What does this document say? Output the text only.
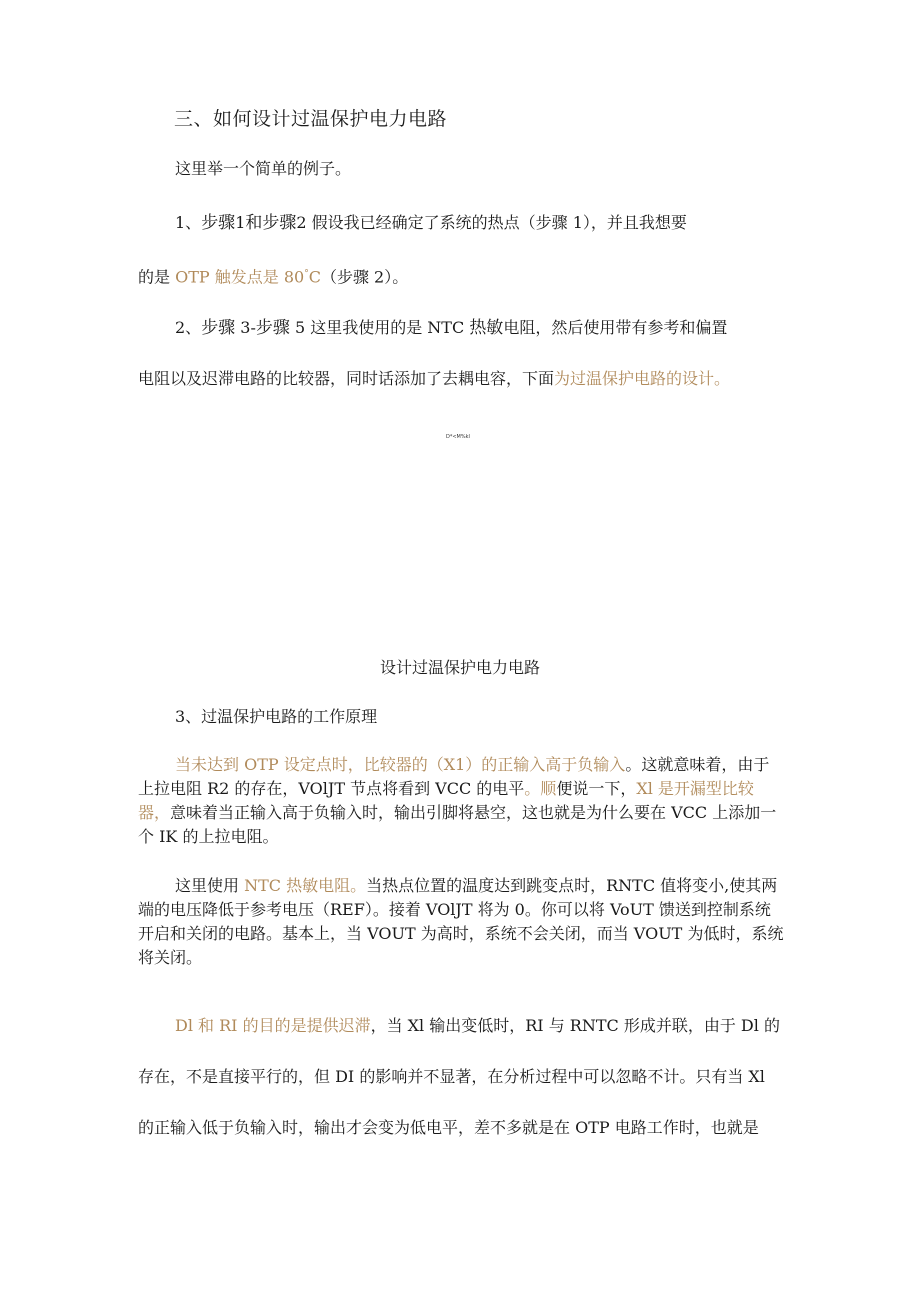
三、如何设计过温保护电力电路
这里举一个简单的例子。
1、步骤1和步骤2 假设我已经确定了系统的热点（步骤 1），并且我想要
的是 OTP 触发点是 80°C（步骤 2）。
2、步骤 3-步骤 5 这里我使用的是 NTC 热敏电阻，然后使用带有参考和偏置
电阻以及迟滞电路的比较器，同时话添加了去耦电容，下面为过温保护电路的设计。
D*<M%kl
设计过温保护电力电路
3、过温保护电路的工作原理

当未达到 OTP 设定点时，比较器的（X1）的正输入高于负输入。这就意味着，由于上拉电阻 R2 的存在，VOlJT 节点将看到 VCC 的电平。顺便说一下，Xl 是开漏型比较器，意味着当正输入高于负输入时，输出引脚将悬空，这也就是为什么要在 VCC 上添加一个 IK 的上拉电阻。

这里使用 NTC 热敏电阻。当热点位置的温度达到跳变点时，RNTC 值将变小,使其两端的电压降低于参考电压（REF）。接着 VOlJT 将为 0。你可以将 VoUT 馈送到控制系统开启和关闭的电路。基本上，当 VOUT 为高时，系统不会关闭，而当 VOUT 为低时，系统将关闭。

Dl 和 RI 的目的是提供迟滞，当 Xl 输出变低时，RI 与 RNTC 形成并联，由于 Dl 的
存在，不是直接平行的，但 DI 的影响并不显著，在分析过程中可以忽略不计。只有当 Xl
的正输入低于负输入时，输出才会变为低电平，差不多就是在 OTP 电路工作时，也就是
